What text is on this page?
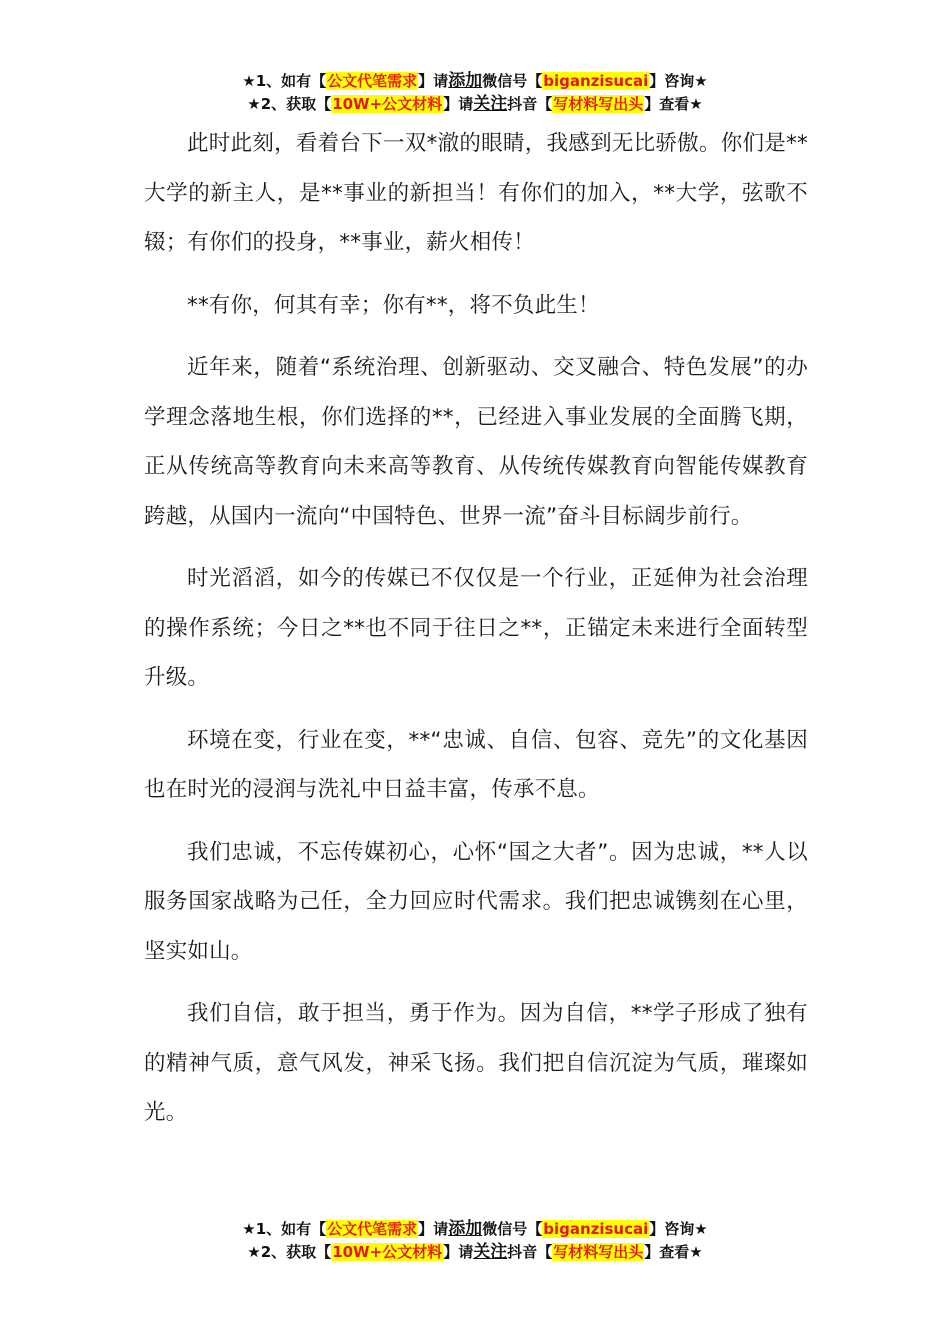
★1、如有【公文代笔需求】请添加微信号【biganzisucai】咨询★
★2、获取【10W+公文材料】请关注抖音【写材料写出头】查看★

此时此刻，看着台下一双*澈的眼睛，我感到无比骄傲。你们是**大学的新主人，是**事业的新担当！有你们的加入，**大学，弦歌不辍；有你们的投身，**事业，薪火相传！

**有你，何其有幸；你有**，将不负此生！

近年来，随着“系统治理、创新驱动、交叉融合、特色发展”的办学理念落地生根，你们选择的**，已经进入事业发展的全面腾飞期，正从传统高等教育向未来高等教育、从传统传媒教育向智能传媒教育跨越，从国内一流向“中国特色、世界一流”奋斗目标阔步前行。

时光滔滔，如今的传媒已不仅仅是一个行业，正延伸为社会治理的操作系统；今日之**也不同于往日之**，正锚定未来进行全面转型升级。

环境在变，行业在变，**“忠诚、自信、包容、竞先”的文化基因也在时光的浸润与洗礼中日益丰富，传承不息。

我们忠诚，不忘传媒初心，心怀“国之大者”。因为忠诚，**人以服务国家战略为己任，全力回应时代需求。我们把忠诚镌刻在心里，坚实如山。

我们自信，敢于担当，勇于作为。因为自信，**学子形成了独有的精神气质，意气风发，神采飞扬。我们把自信沉淀为气质，璀璨如光。

★1、如有【公文代笔需求】请添加微信号【biganzisucai】咨询★
★2、获取【10W+公文材料】请关注抖音【写材料写出头】查看★
